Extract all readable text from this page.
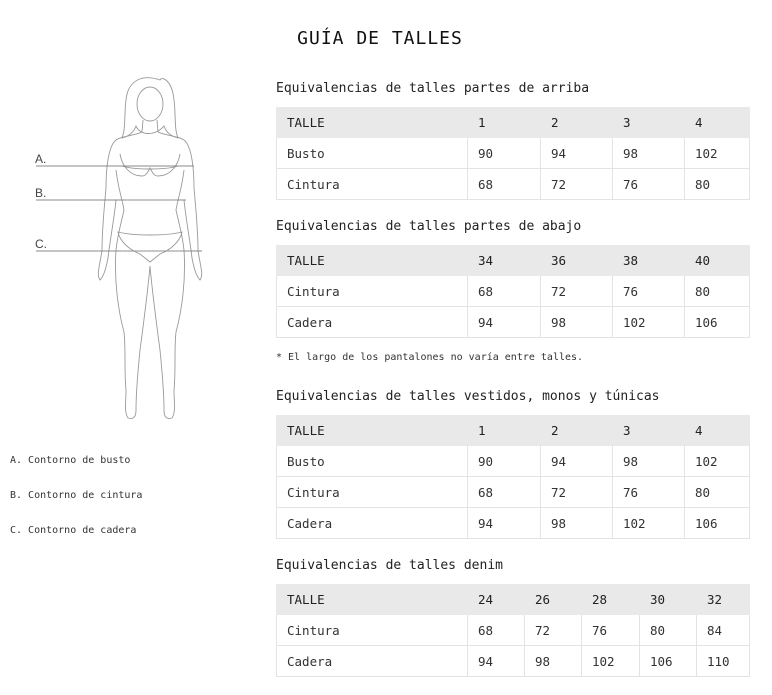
GUÍA DE TALLES
A.
B.
C.
A. Contorno de busto
B. Contorno de cintura
C. Contorno de cadera
Equivalencias de talles partes de arriba
TALLE	1	2	3	4
Busto	90	94	98	102
Cintura	68	72	76	80
Equivalencias de talles partes de abajo
TALLE	34	36	38	40
Cintura	68	72	76	80
Cadera	94	98	102	106
* El largo de los pantalones no varía entre talles.
Equivalencias de talles vestidos, monos y túnicas
TALLE	1	2	3	4
Busto	90	94	98	102
Cintura	68	72	76	80
Cadera	94	98	102	106
Equivalencias de talles denim
TALLE	24	26	28	30	32
Cintura	68	72	76	80	84
Cadera	94	98	102	106	110
